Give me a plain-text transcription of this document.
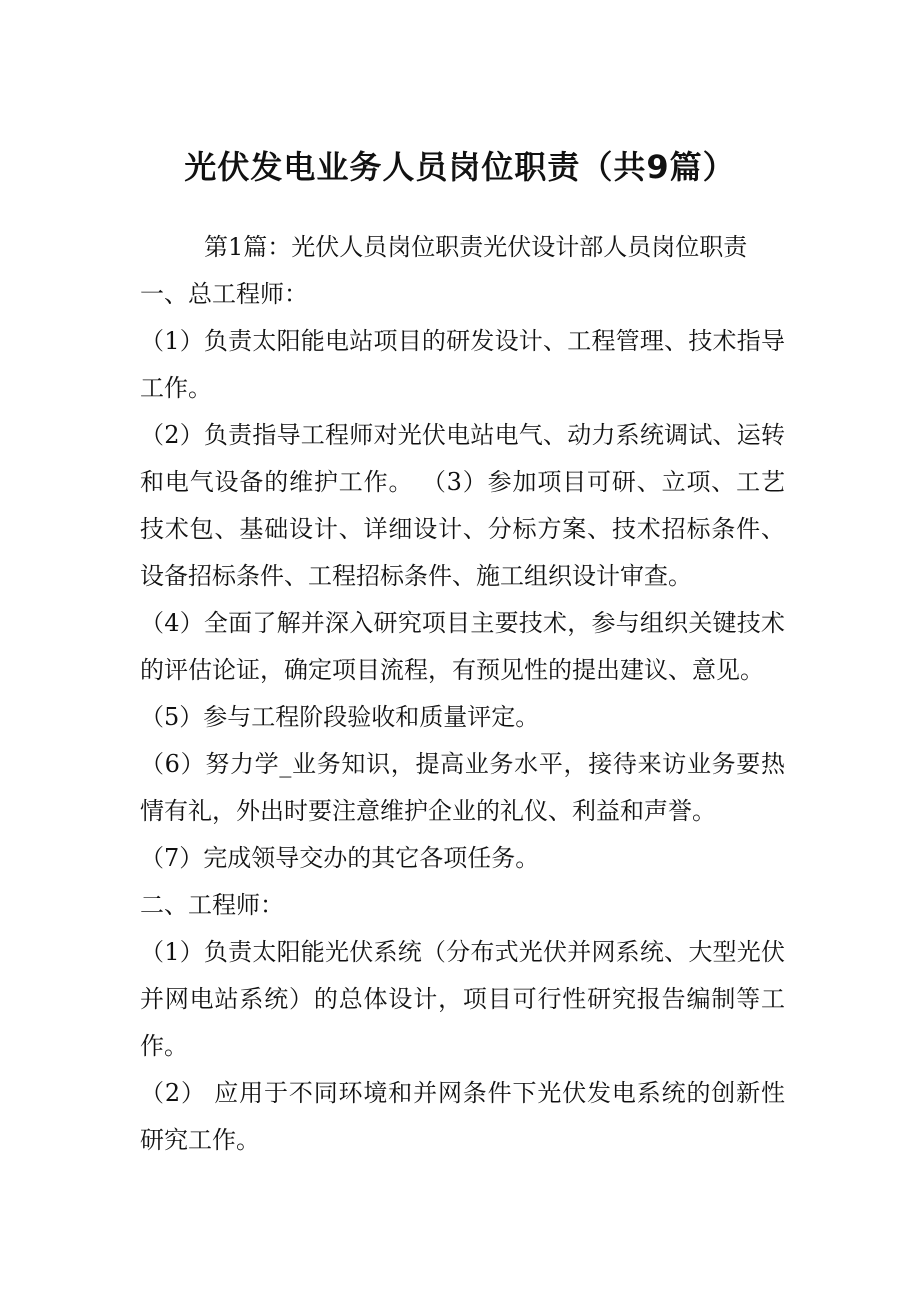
光伏发电业务人员岗位职责（共9篇）

第1篇：光伏人员岗位职责光伏设计部人员岗位职责

一、总工程师：

（1）负责太阳能电站项目的研发设计、工程管理、技术指导工作。

（2）负责指导工程师对光伏电站电气、动力系统调试、运转和电气设备的维护工作。 （3）参加项目可研、立项、工艺技术包、基础设计、详细设计、分标方案、技术招标条件、设备招标条件、工程招标条件、施工组织设计审查。

（4）全面了解并深入研究项目主要技术，参与组织关键技术的评估论证，确定项目流程，有预见性的提出建议、意见。

（5）参与工程阶段验收和质量评定。

（6）努力学_业务知识，提高业务水平，接待来访业务要热情有礼，外出时要注意维护企业的礼仪、利益和声誉。

（7）完成领导交办的其它各项任务。

二、工程师：

（1）负责太阳能光伏系统（分布式光伏并网系统、大型光伏并网电站系统）的总体设计，项目可行性研究报告编制等工作。

（2） 应用于不同环境和并网条件下光伏发电系统的创新性研究工作。
